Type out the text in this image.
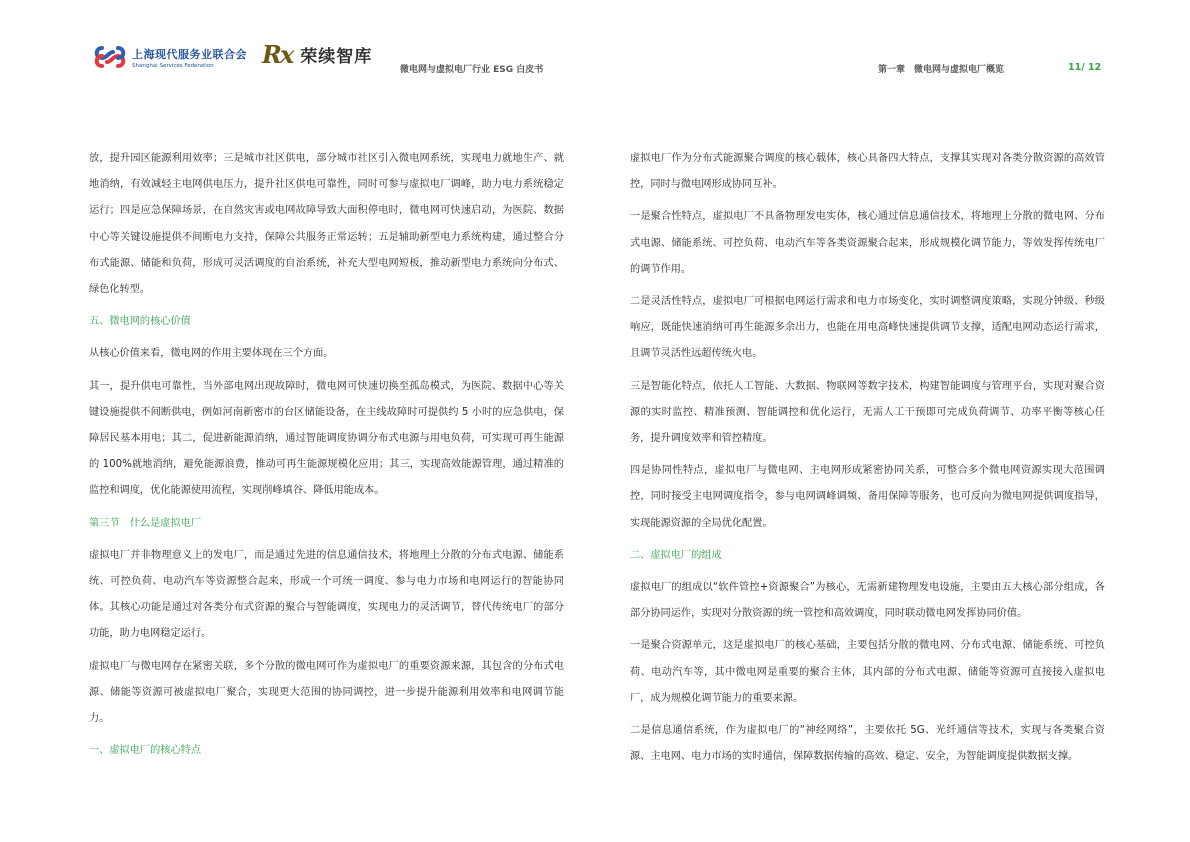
上海现代服务业联合会
Shanghai Services Federation	Rx 荣续智库
微电网与虚拟电厂行业 ESG 白皮书	第一章　微电网与虚拟电厂概览	11/ 12

放，提升园区能源利用效率；三是城市社区供电，部分城市社区引入微电网系统，实现电力就地生产、就地消纳，有效减轻主电网供电压力，提升社区供电可靠性，同时可参与虚拟电厂调峰，助力电力系统稳定运行；四是应急保障场景，在自然灾害或电网故障导致大面积停电时，微电网可快速启动，为医院、数据中心等关键设施提供不间断电力支持，保障公共服务正常运转；五是辅助新型电力系统构建，通过整合分布式能源、储能和负荷，形成可灵活调度的自治系统，补充大型电网短板，推动新型电力系统向分布式、绿色化转型。

五、微电网的核心价值

从核心价值来看，微电网的作用主要体现在三个方面。

其一，提升供电可靠性，当外部电网出现故障时，微电网可快速切换至孤岛模式，为医院、数据中心等关键设施提供不间断供电，例如河南新密市的台区储能设备，在主线故障时可提供约 5 小时的应急供电，保障居民基本用电；其二，促进新能源消纳，通过智能调度协调分布式电源与用电负荷，可实现可再生能源的 100%就地消纳，避免能源浪费，推动可再生能源规模化应用；其三，实现高效能源管理，通过精准的监控和调度，优化能源使用流程，实现削峰填谷、降低用能成本。

第三节　什么是虚拟电厂

虚拟电厂并非物理意义上的发电厂，而是通过先进的信息通信技术，将地理上分散的分布式电源、储能系统、可控负荷、电动汽车等资源整合起来，形成一个可统一调度、参与电力市场和电网运行的智能协同体。其核心功能是通过对各类分布式资源的聚合与智能调度，实现电力的灵活调节，替代传统电厂的部分功能，助力电网稳定运行。

虚拟电厂与微电网存在紧密关联，多个分散的微电网可作为虚拟电厂的重要资源来源，其包含的分布式电源、储能等资源可被虚拟电厂聚合，实现更大范围的协同调控，进一步提升能源利用效率和电网调节能力。

一、虚拟电厂的核心特点

虚拟电厂作为分布式能源聚合调度的核心载体，核心具备四大特点，支撑其实现对各类分散资源的高效管控，同时与微电网形成协同互补。

一是聚合性特点，虚拟电厂不具备物理发电实体，核心通过信息通信技术，将地理上分散的微电网、分布式电源、储能系统、可控负荷、电动汽车等各类资源聚合起来，形成规模化调节能力，等效发挥传统电厂的调节作用。

二是灵活性特点，虚拟电厂可根据电网运行需求和电力市场变化，实时调整调度策略，实现分钟级、秒级响应，既能快速消纳可再生能源多余出力，也能在用电高峰快速提供调节支撑，适配电网动态运行需求，且调节灵活性远超传统火电。

三是智能化特点，依托人工智能、大数据、物联网等数字技术，构建智能调度与管理平台，实现对聚合资源的实时监控、精准预测、智能调控和优化运行，无需人工干预即可完成负荷调节、功率平衡等核心任务，提升调度效率和管控精度。

四是协同性特点，虚拟电厂与微电网、主电网形成紧密协同关系，可整合多个微电网资源实现大范围调控，同时接受主电网调度指令，参与电网调峰调频、备用保障等服务，也可反向为微电网提供调度指导，实现能源资源的全局优化配置。

二、虚拟电厂的组成

虚拟电厂的组成以“软件管控+资源聚合”为核心，无需新建物理发电设施，主要由五大核心部分组成，各部分协同运作，实现对分散资源的统一管控和高效调度，同时联动微电网发挥协同价值。

一是聚合资源单元，这是虚拟电厂的核心基础，主要包括分散的微电网、分布式电源、储能系统、可控负荷、电动汽车等，其中微电网是重要的聚合主体，其内部的分布式电源、储能等资源可直接接入虚拟电厂，成为规模化调节能力的重要来源。

二是信息通信系统，作为虚拟电厂的“神经网络”，主要依托 5G、光纤通信等技术，实现与各类聚合资源、主电网、电力市场的实时通信，保障数据传输的高效、稳定、安全，为智能调度提供数据支撑。
